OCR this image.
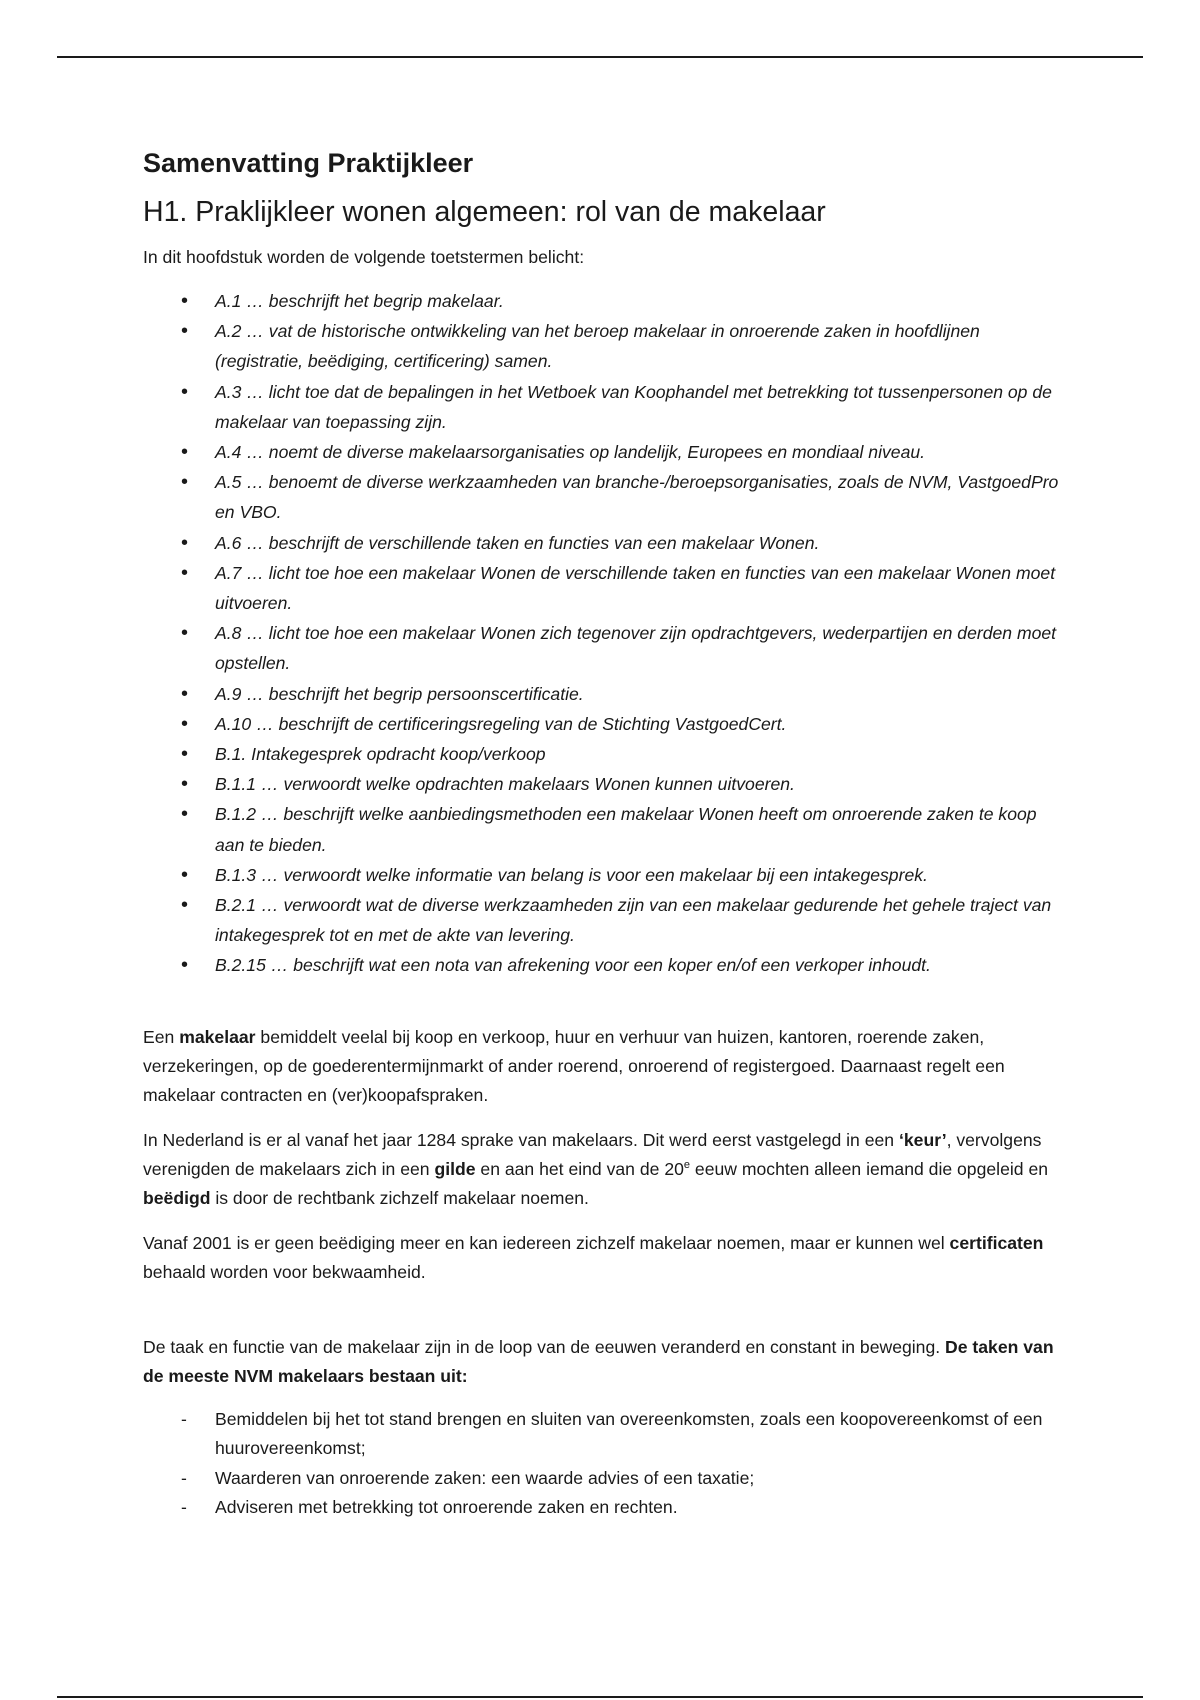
Samenvatting Praktijkleer
H1. Praklijkleer wonen algemeen: rol van de makelaar

In dit hoofdstuk worden de volgende toetstermen belicht:

• A.1 … beschrijft het begrip makelaar.
• A.2 … vat de historische ontwikkeling van het beroep makelaar in onroerende zaken in hoofdlijnen (registratie, beëdiging, certificering) samen.
• A.3 … licht toe dat de bepalingen in het Wetboek van Koophandel met betrekking tot tussenpersonen op de makelaar van toepassing zijn.
• A.4 … noemt de diverse makelaarsorganisaties op landelijk, Europees en mondiaal niveau.
• A.5 … benoemt de diverse werkzaamheden van branche-/beroepsorganisaties, zoals de NVM, VastgoedPro en VBO.
• A.6 … beschrijft de verschillende taken en functies van een makelaar Wonen.
• A.7 … licht toe hoe een makelaar Wonen de verschillende taken en functies van een makelaar Wonen moet uitvoeren.
• A.8 … licht toe hoe een makelaar Wonen zich tegenover zijn opdrachtgevers, wederpartijen en derden moet opstellen.
• A.9 … beschrijft het begrip persoonscertificatie.
• A.10 … beschrijft de certificeringsregeling van de Stichting VastgoedCert.
• B.1. Intakegesprek opdracht koop/verkoop
• B.1.1 … verwoordt welke opdrachten makelaars Wonen kunnen uitvoeren.
• B.1.2 … beschrijft welke aanbiedingsmethoden een makelaar Wonen heeft om onroerende zaken te koop aan te bieden.
• B.1.3 … verwoordt welke informatie van belang is voor een makelaar bij een intakegesprek.
• B.2.1 … verwoordt wat de diverse werkzaamheden zijn van een makelaar gedurende het gehele traject van intakegesprek tot en met de akte van levering.
• B.2.15 … beschrijft wat een nota van afrekening voor een koper en/of een verkoper inhoudt.

Een makelaar bemiddelt veelal bij koop en verkoop, huur en verhuur van huizen, kantoren, roerende zaken, verzekeringen, op de goederentermijnmarkt of ander roerend, onroerend of registergoed. Daarnaast regelt een makelaar contracten en (ver)koopafspraken.

In Nederland is er al vanaf het jaar 1284 sprake van makelaars. Dit werd eerst vastgelegd in een ‘keur’, vervolgens verenigden de makelaars zich in een gilde en aan het eind van de 20e eeuw mochten alleen iemand die opgeleid en beëdigd is door de rechtbank zichzelf makelaar noemen.

Vanaf 2001 is er geen beëdiging meer en kan iedereen zichzelf makelaar noemen, maar er kunnen wel certificaten behaald worden voor bekwaamheid.

De taak en functie van de makelaar zijn in de loop van de eeuwen veranderd en constant in beweging. De taken van de meeste NVM makelaars bestaan uit:

- Bemiddelen bij het tot stand brengen en sluiten van overeenkomsten, zoals een koopovereenkomst of een huurovereenkomst;
- Waarderen van onroerende zaken: een waarde advies of een taxatie;
- Adviseren met betrekking tot onroerende zaken en rechten.
